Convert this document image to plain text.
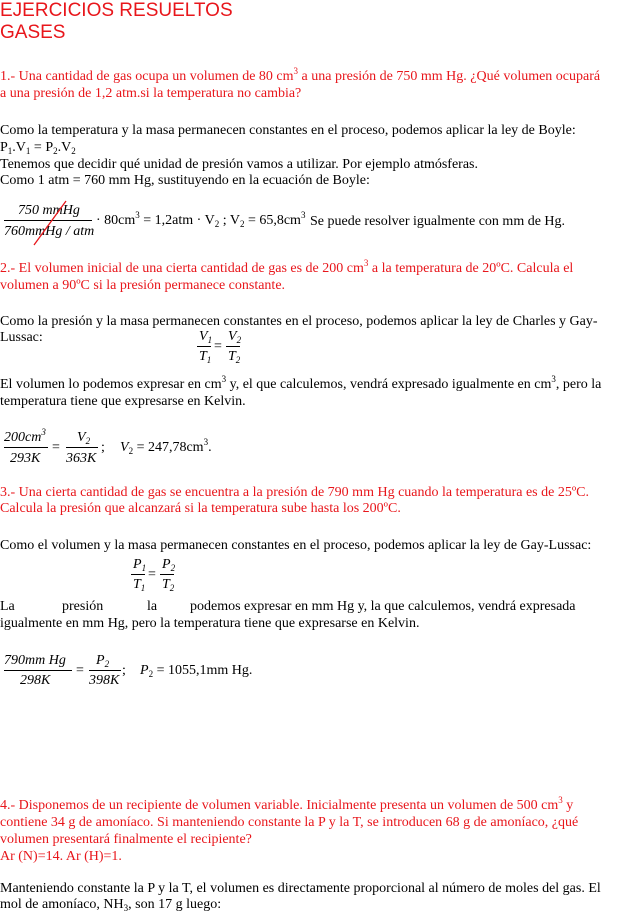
EJERCICIOS RESUELTOS
GASES
1.- Una cantidad de gas ocupa un volumen de 80 $cm^3$ a una presión de 750 mm Hg. ¿Qué volumen ocupará
a una presión de 1,2 atm.si la temperatura no cambia?
Como la temperatura y la masa permanecen constantes en el proceso, podemos aplicar la ley de Boyle:
$P_1.V_1 = P_2.V_2$
Tenemos que decidir qué unidad de presión vamos a utilizar. Por ejemplo atmósferas.
Como 1 atm = 760 mm Hg, sustituyendo en la ecuación de Boyle:
750 mmHg
760mmHg / atm
· $80cm^3 = 1,2atm \cdot V_2$ ; $V_2 = 65,8cm^3$ Se puede resolver igualmente con mm de Hg.
2.- El volumen inicial de una cierta cantidad de gas es de 200 $cm^3$ a la temperatura de 20ºC. Calcula el
volumen a 90ºC si la presión permanece constante.
Como la presión y la masa permanecen constantes en el proceso, podemos aplicar la ley de Charles y Gay-
Lussac:	$V_1$
$T_1$
=
$V_2$
$T_2$
El volumen lo podemos expresar en $cm^3$ y, el que calculemos, vendrá expresado igualmente en $cm^3$, pero la
temperatura tiene que expresarse en Kelvin.
$200cm^3$
293K
=
$V_2$
363K
; $V_2 = 247,78cm^3$.
3.- Una cierta cantidad de gas se encuentra a la presión de 790 mm Hg cuando la temperatura es de 25ºC.
Calcula la presión que alcanzará si la temperatura sube hasta los 200ºC.
Como el volumen y la masa permanecen constantes en el proceso, podemos aplicar la ley de Gay-Lussac:
$P_1$
$T_1$
=
$P_2$
$T_2$
La	presión	la podemos expresar en mm Hg y, la que calculemos, vendrá expresada
igualmente en mm Hg, pero la temperatura tiene que expresarse en Kelvin.
790mm Hg
298K
=
$P_2$
398K
; $P_2 = 1055,1mm$ Hg.
4.- Disponemos de un recipiente de volumen variable. Inicialmente presenta un volumen de 500 $cm^3$ y
contiene 34 g de amoníaco. Si manteniendo constante la P y la T, se introducen 68 g de amoníaco, ¿qué
volumen presentará finalmente el recipiente?
Ar (N)=14. Ar (H)=1.
Manteniendo constante la P y la T, el volumen es directamente proporcional al número de moles del gas. El
mol de amoníaco, $NH_3$, son 17 g luego:
